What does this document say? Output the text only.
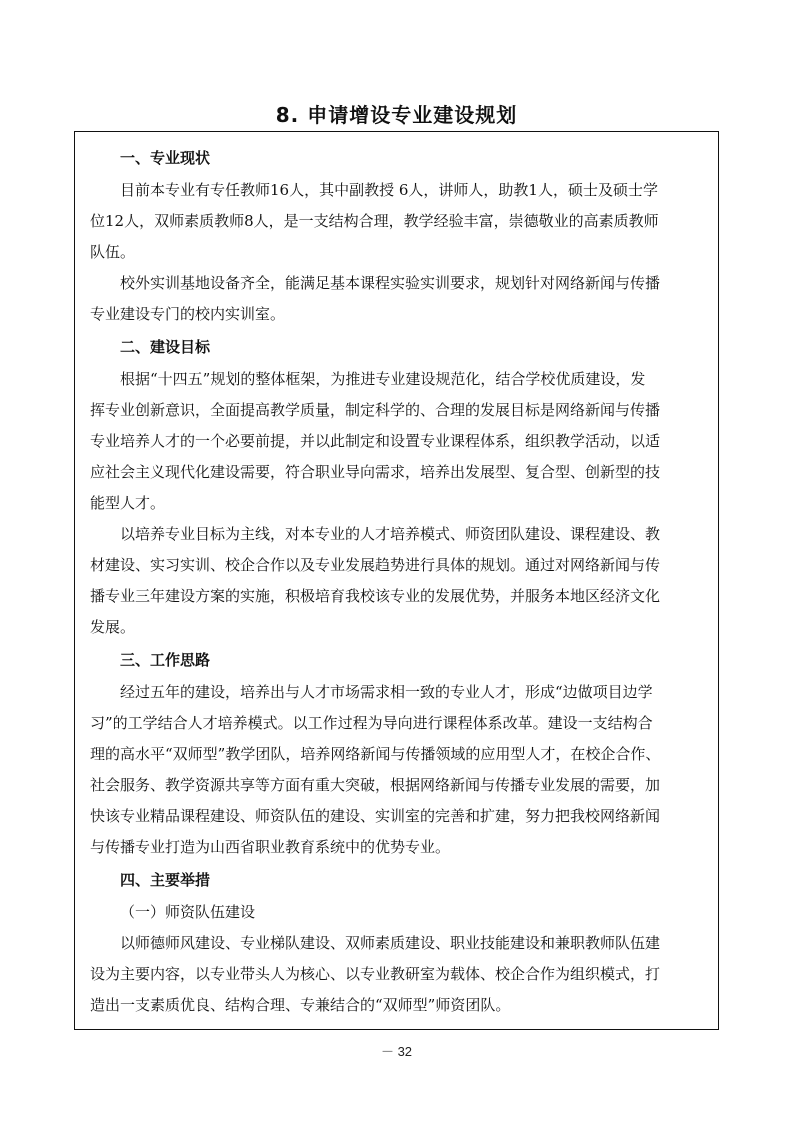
8. 申请增设专业建设规划
一、专业现状
目前本专业有专任教师16人，其中副教授 6人，讲师人，助教1人，硕士及硕士学
位12人，双师素质教师8人，是一支结构合理，教学经验丰富，崇德敬业的高素质教师
队伍。
校外实训基地设备齐全，能满足基本课程实验实训要求，规划针对网络新闻与传播
专业建设专门的校内实训室。
二、建设目标
根据“十四五”规划的整体框架，为推进专业建设规范化，结合学校优质建设，发
挥专业创新意识，全面提高教学质量，制定科学的、合理的发展目标是网络新闻与传播
专业培养人才的一个必要前提，并以此制定和设置专业课程体系，组织教学活动，以适
应社会主义现代化建设需要，符合职业导向需求，培养出发展型、复合型、创新型的技
能型人才。
以培养专业目标为主线，对本专业的人才培养模式、师资团队建设、课程建设、教
材建设、实习实训、校企合作以及专业发展趋势进行具体的规划。通过对网络新闻与传
播专业三年建设方案的实施，积极培育我校该专业的发展优势，并服务本地区经济文化
发展。
三、工作思路
经过五年的建设，培养出与人才市场需求相一致的专业人才，形成“边做项目边学
习”的工学结合人才培养模式。以工作过程为导向进行课程体系改革。建设一支结构合
理的高水平“双师型”教学团队，培养网络新闻与传播领域的应用型人才，在校企合作、
社会服务、教学资源共享等方面有重大突破，根据网络新闻与传播专业发展的需要，加
快该专业精品课程建设、师资队伍的建设、实训室的完善和扩建，努力把我校网络新闻
与传播专业打造为山西省职业教育系统中的优势专业。
四、主要举措
（一）师资队伍建设
以师德师风建设、专业梯队建设、双师素质建设、职业技能建设和兼职教师队伍建
设为主要内容，以专业带头人为核心、以专业教研室为载体、校企合作为组织模式，打
造出一支素质优良、结构合理、专兼结合的“双师型”师资团队。
－ 32
